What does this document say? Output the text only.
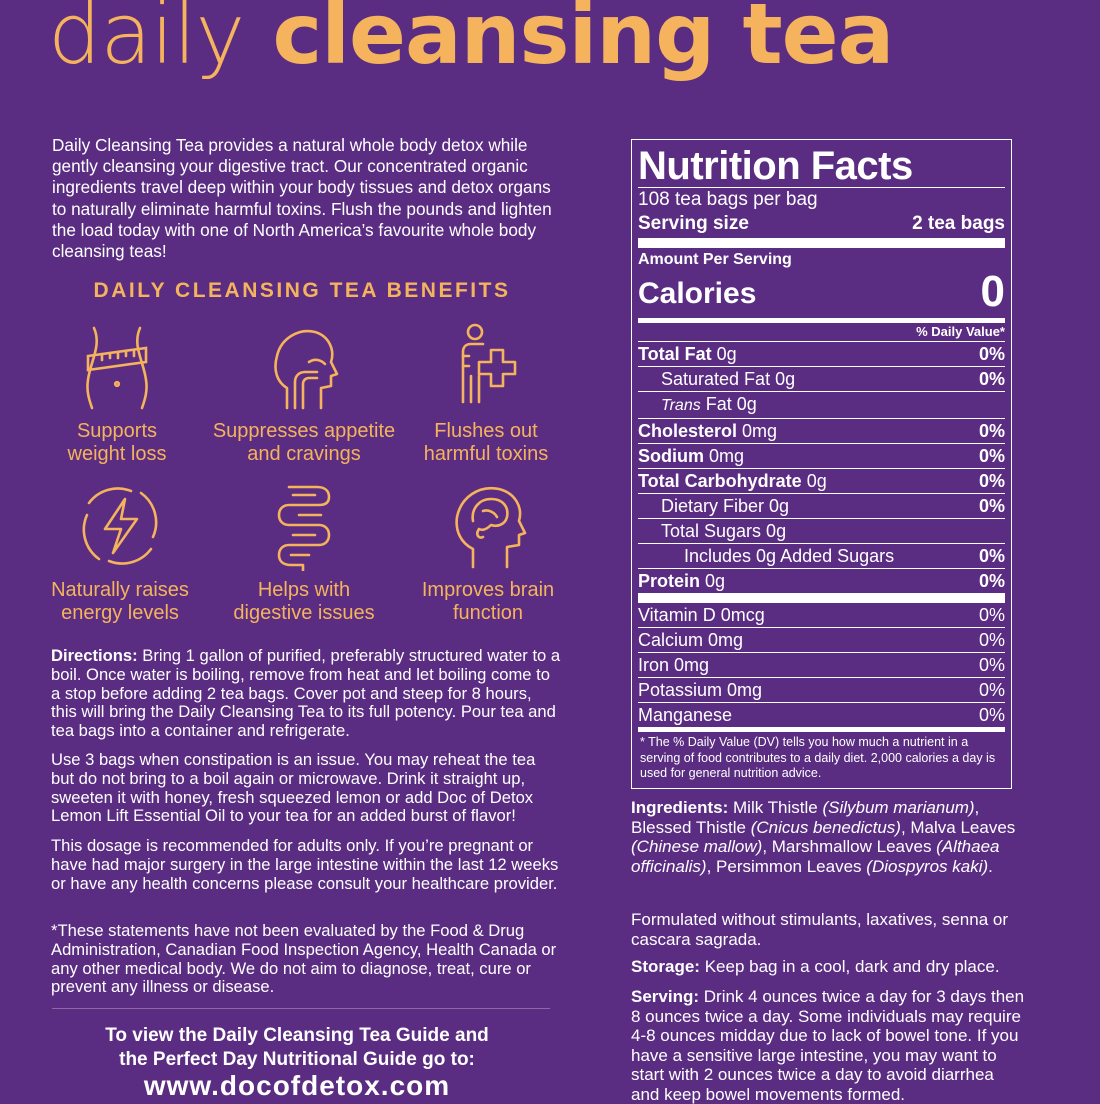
daily cleansing tea
Daily Cleansing Tea provides a natural whole body detox while gently cleansing your digestive tract. Our concentrated organic ingredients travel deep within your body tissues and detox organs to naturally eliminate harmful toxins. Flush the pounds and lighten the load today with one of North America’s favourite whole body cleansing teas!
DAILY CLEANSING TEA BENEFITS
Supports
weight loss
Suppresses appetite
and cravings
Flushes out
harmful toxins
Naturally raises
energy levels
Helps with
digestive issues
Improves brain
function
Directions: Bring 1 gallon of purified, preferably structured water to a boil. Once water is boiling, remove from heat and let boiling come to a stop before adding 2 tea bags. Cover pot and steep for 8 hours, this will bring the Daily Cleansing Tea to its full potency. Pour tea and tea bags into a container and refrigerate.
Use 3 bags when constipation is an issue. You may reheat the tea but do not bring to a boil again or microwave. Drink it straight up, sweeten it with honey, fresh squeezed lemon or add Doc of Detox Lemon Lift Essential Oil to your tea for an added burst of flavor!
This dosage is recommended for adults only. If you’re pregnant or have had major surgery in the large intestine within the last 12 weeks or have any health concerns please consult your healthcare provider.
*These statements have not been evaluated by the Food & Drug Administration, Canadian Food Inspection Agency, Health Canada or any other medical body. We do not aim to diagnose, treat, cure or prevent any illness or disease.
To view the Daily Cleansing Tea Guide and
the Perfect Day Nutritional Guide go to:
www.docofdetox.com
Nutrition Facts
108 tea bags per bag
Serving size	2 tea bags
Amount Per Serving
Calories	0
% Daily Value*
Total Fat 0g	0%
Saturated Fat 0g	0%
Trans Fat 0g
Cholesterol 0mg	0%
Sodium 0mg	0%
Total Carbohydrate 0g	0%
Dietary Fiber 0g	0%
Total Sugars 0g
Includes 0g Added Sugars	0%
Protein 0g	0%
Vitamin D 0mcg	0%
Calcium 0mg	0%
Iron 0mg	0%
Potassium 0mg	0%
Manganese	0%
* The % Daily Value (DV) tells you how much a nutrient in a serving of food contributes to a daily diet. 2,000 calories a day is used for general nutrition advice.
Ingredients: Milk Thistle (Silybum marianum), Blessed Thistle (Cnicus benedictus), Malva Leaves (Chinese mallow), Marshmallow Leaves (Althaea officinalis), Persimmon Leaves (Diospyros kaki).
Formulated without stimulants, laxatives, senna or cascara sagrada.
Storage: Keep bag in a cool, dark and dry place.
Serving: Drink 4 ounces twice a day for 3 days then 8 ounces twice a day. Some individuals may require 4-8 ounces midday due to lack of bowel tone. If you have a sensitive large intestine, you may want to start with 2 ounces twice a day to avoid diarrhea and keep bowel movements formed.
